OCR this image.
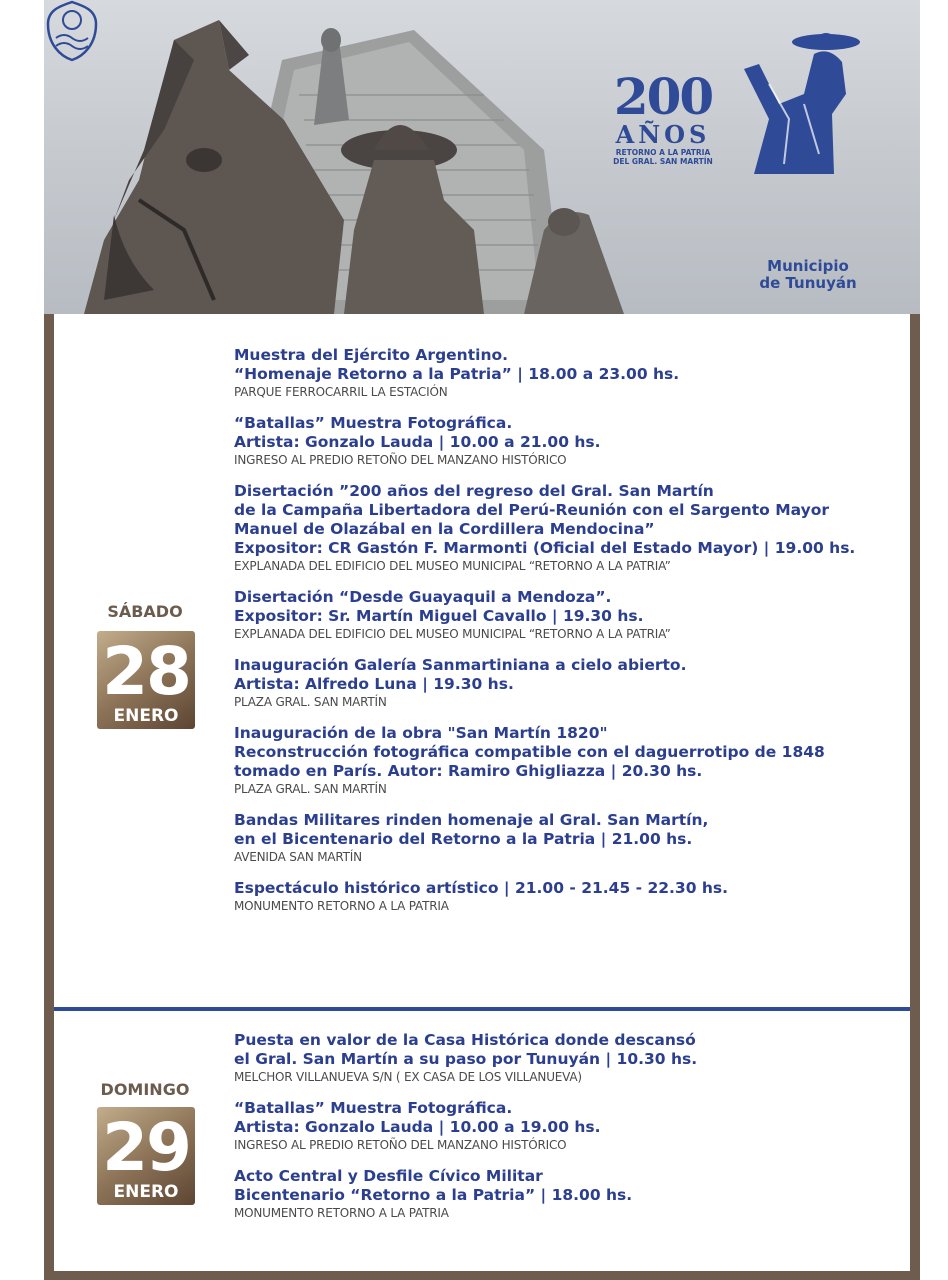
200
AÑOS
RETORNO A LA PATRIA
DEL GRAL. SAN MARTÍN
Municipio
de Tunuyán
SÁBADO
28
ENERO
Muestra del Ejército Argentino.
“Homenaje Retorno a la Patria” | 18.00 a 23.00 hs.
PARQUE FERROCARRIL LA ESTACIÓN
“Batallas” Muestra Fotográfica.
Artista: Gonzalo Lauda | 10.00 a 21.00 hs.
INGRESO AL PREDIO RETOÑO DEL MANZANO HISTÓRICO
Disertación ”200 años del regreso del Gral. San Martín
de la Campaña Libertadora del Perú-Reunión con el Sargento Mayor
Manuel de Olazábal en la Cordillera Mendocina”
Expositor: CR Gastón F. Marmonti (Oficial del Estado Mayor) | 19.00 hs.
EXPLANADA DEL EDIFICIO DEL MUSEO MUNICIPAL “RETORNO A LA PATRIA”
Disertación “Desde Guayaquil a Mendoza”.
Expositor: Sr. Martín Miguel Cavallo | 19.30 hs.
EXPLANADA DEL EDIFICIO DEL MUSEO MUNICIPAL “RETORNO A LA PATRIA”
Inauguración Galería Sanmartiniana a cielo abierto.
Artista: Alfredo Luna | 19.30 hs.
PLAZA GRAL. SAN MARTÍN
Inauguración de la obra "San Martín 1820"
Reconstrucción fotográfica compatible con el daguerrotipo de 1848
tomado en París. Autor: Ramiro Ghigliazza | 20.30 hs.
PLAZA GRAL. SAN MARTÍN
Bandas Militares rinden homenaje al Gral. San Martín,
en el Bicentenario del Retorno a la Patria | 21.00 hs.
AVENIDA SAN MARTÍN
Espectáculo histórico artístico | 21.00 - 21.45 - 22.30 hs.
MONUMENTO RETORNO A LA PATRIA
DOMINGO
29
ENERO
Puesta en valor de la Casa Histórica donde descansó
el Gral. San Martín a su paso por Tunuyán | 10.30 hs.
MELCHOR VILLANUEVA S/N ( EX CASA DE LOS VILLANUEVA)
“Batallas” Muestra Fotográfica.
Artista: Gonzalo Lauda | 10.00 a 19.00 hs.
INGRESO AL PREDIO RETOÑO DEL MANZANO HISTÓRICO
Acto Central y Desfile Cívico Militar
Bicentenario “Retorno a la Patria” | 18.00 hs.
MONUMENTO RETORNO A LA PATRIA
